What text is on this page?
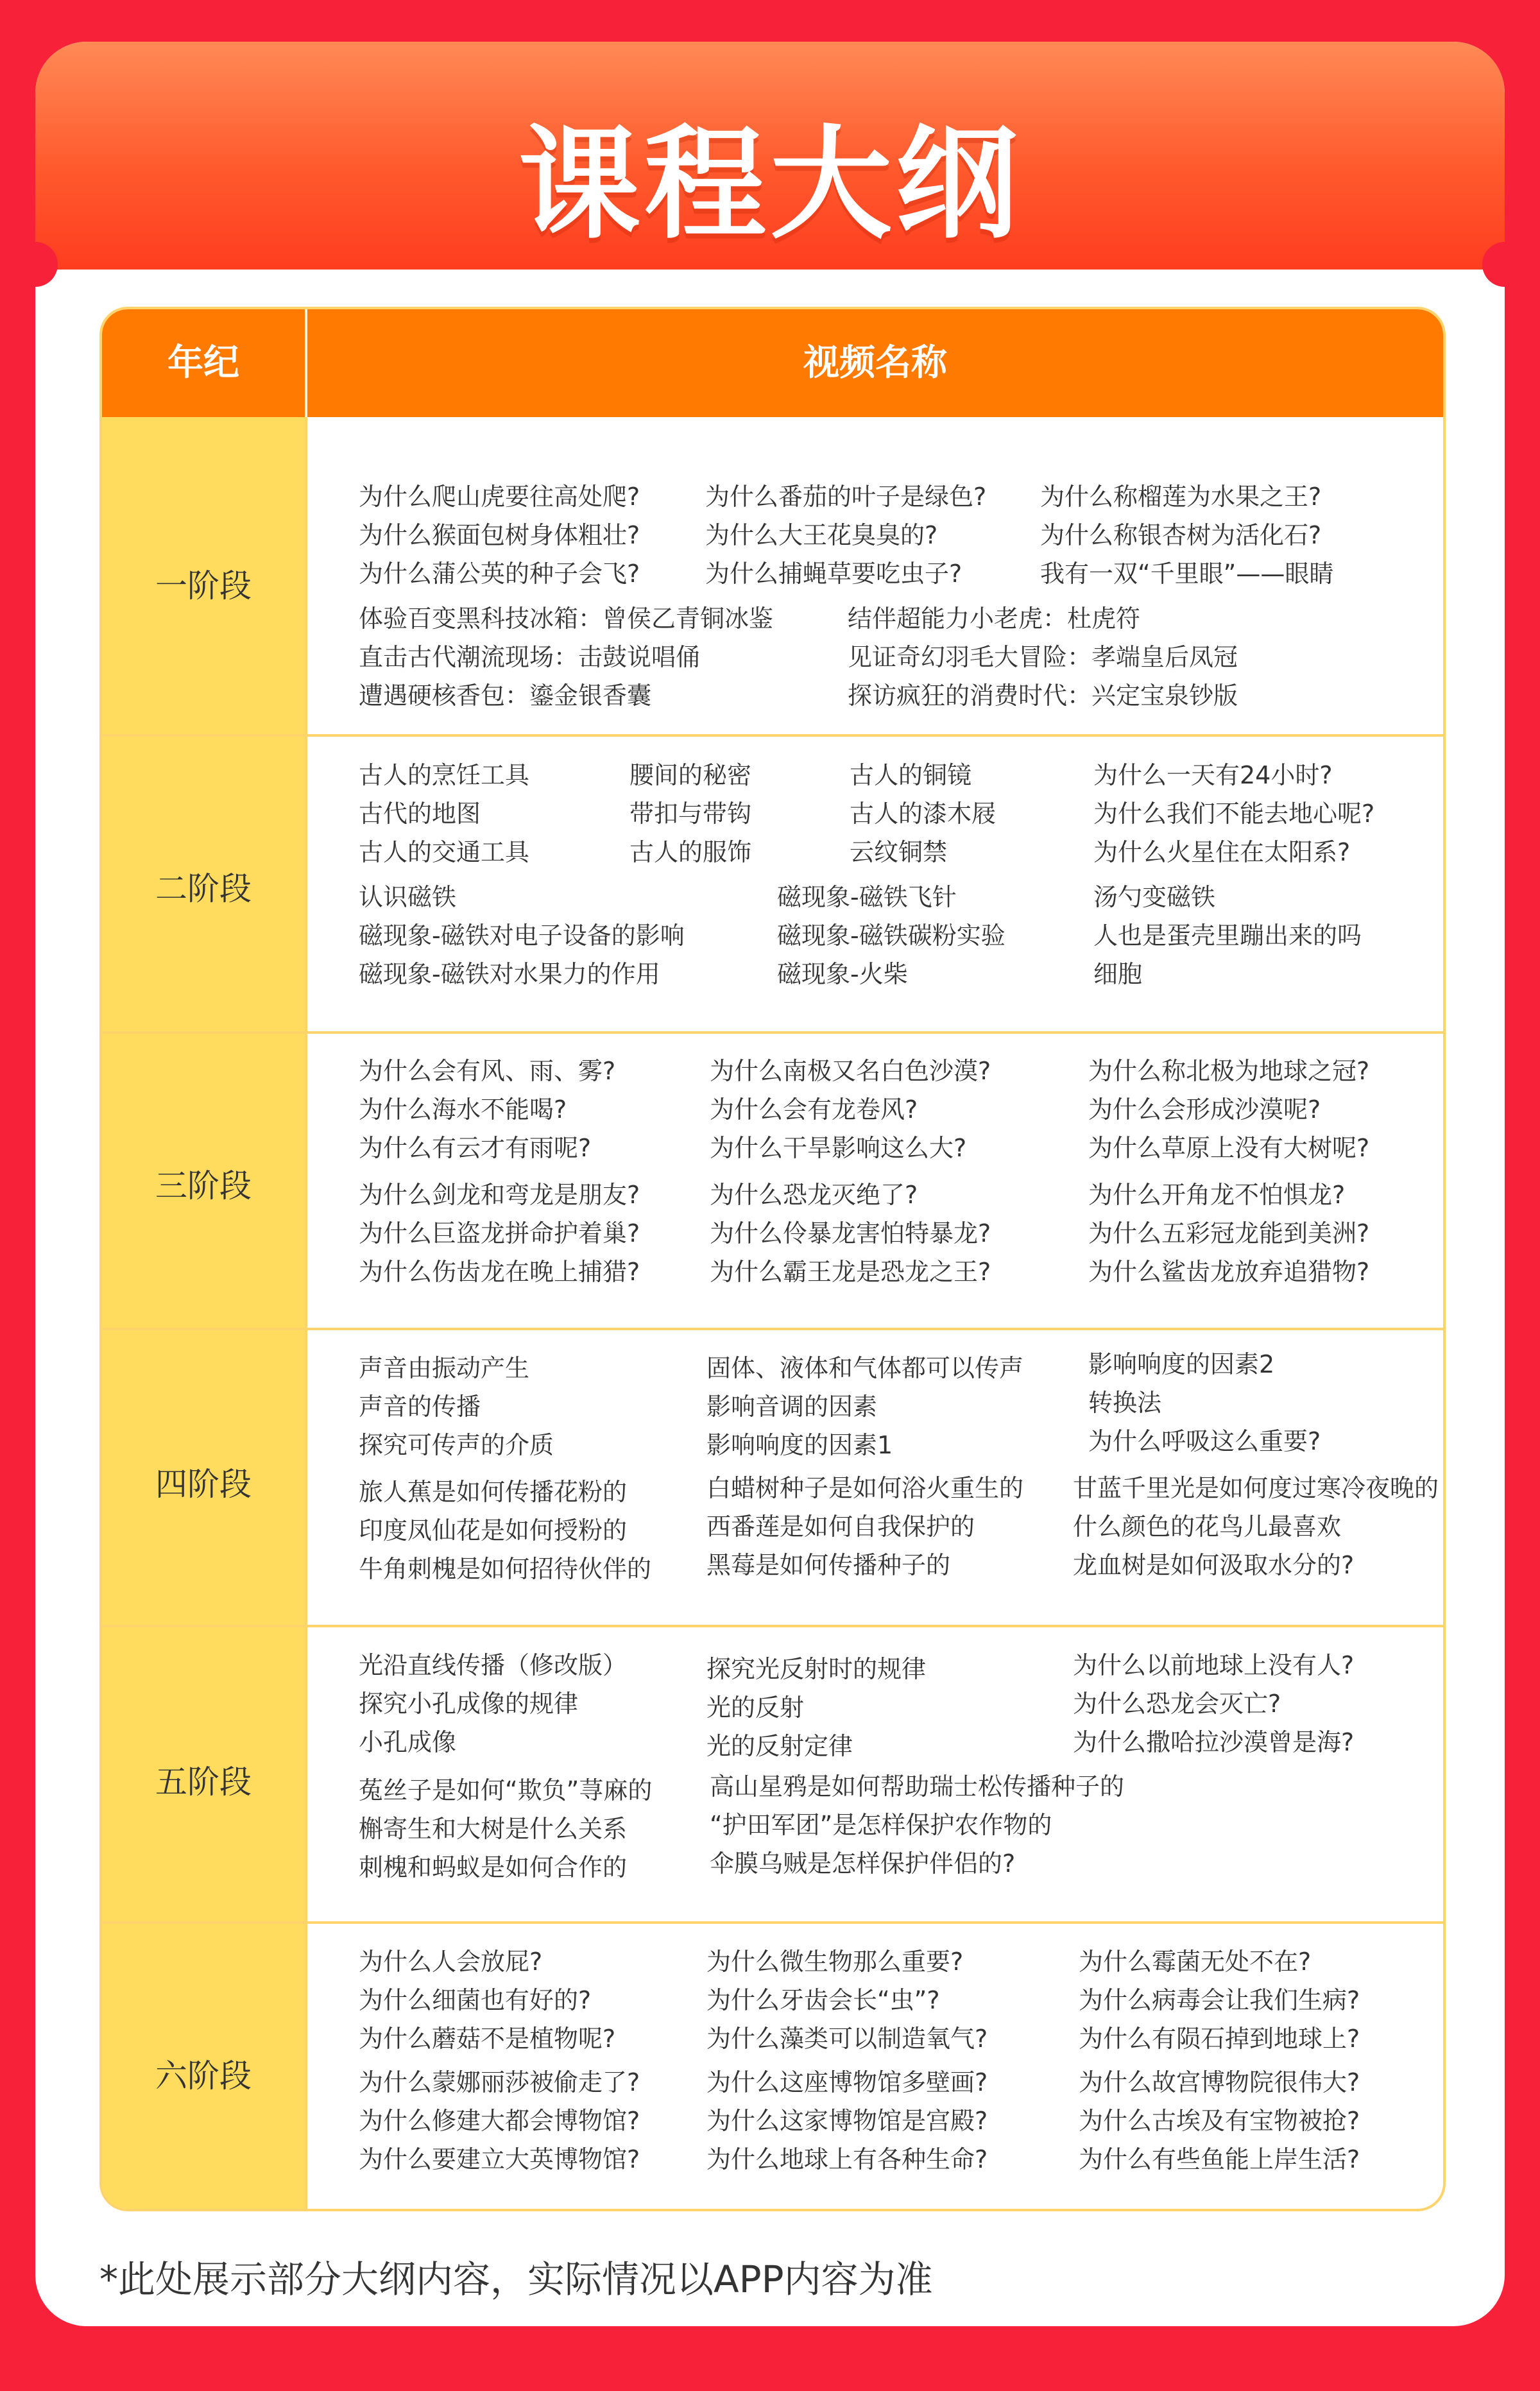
课程大纲
年纪	视频名称
一阶段
二阶段
三阶段
四阶段
五阶段
六阶段
为什么爬山虎要往高处爬?
为什么猴面包树身体粗壮?
为什么蒲公英的种子会飞?
为什么番茄的叶子是绿色?
为什么大王花臭臭的?
为什么捕蝇草要吃虫子?
为什么称榴莲为水果之王?
为什么称银杏树为活化石?
我有一双“千里眼”——眼睛
体验百变黑科技冰箱：曾侯乙青铜冰鉴
直击古代潮流现场：击鼓说唱俑
遭遇硬核香包：鎏金银香囊
结伴超能力小老虎：杜虎符
见证奇幻羽毛大冒险：孝端皇后凤冠
探访疯狂的消费时代：兴定宝泉钞版
古人的烹饪工具
古代的地图
古人的交通工具
腰间的秘密
带扣与带钩
古人的服饰
古人的铜镜
古人的漆木屐
云纹铜禁
为什么一天有24小时?
为什么我们不能去地心呢?
为什么火星住在太阳系?
认识磁铁
磁现象-磁铁对电子设备的影响
磁现象-磁铁对水果力的作用
磁现象-磁铁飞针
磁现象-磁铁碳粉实验
磁现象-火柴
汤勺变磁铁
人也是蛋壳里蹦出来的吗
细胞
为什么会有风、雨、雾?
为什么海水不能喝?
为什么有云才有雨呢?
为什么南极又名白色沙漠?
为什么会有龙卷风?
为什么干旱影响这么大?
为什么称北极为地球之冠?
为什么会形成沙漠呢?
为什么草原上没有大树呢?
为什么剑龙和弯龙是朋友?
为什么巨盗龙拼命护着巢?
为什么伤齿龙在晚上捕猎?
为什么恐龙灭绝了?
为什么伶暴龙害怕特暴龙?
为什么霸王龙是恐龙之王?
为什么开角龙不怕惧龙?
为什么五彩冠龙能到美洲?
为什么鲨齿龙放弃追猎物?
声音由振动产生
声音的传播
探究可传声的介质
固体、液体和气体都可以传声
影响音调的因素
影响响度的因素1
影响响度的因素2
转换法
为什么呼吸这么重要?
旅人蕉是如何传播花粉的
印度凤仙花是如何授粉的
牛角刺槐是如何招待伙伴的
白蜡树种子是如何浴火重生的
西番莲是如何自我保护的
黑莓是如何传播种子的
甘蓝千里光是如何度过寒冷夜晚的
什么颜色的花鸟儿最喜欢
龙血树是如何汲取水分的?
光沿直线传播（修改版）
探究小孔成像的规律
小孔成像
探究光反射时的规律
光的反射
光的反射定律
为什么以前地球上没有人?
为什么恐龙会灭亡?
为什么撒哈拉沙漠曾是海?
菟丝子是如何“欺负”荨麻的
槲寄生和大树是什么关系
刺槐和蚂蚁是如何合作的
高山星鸦是如何帮助瑞士松传播种子的
“护田军团”是怎样保护农作物的
伞膜乌贼是怎样保护伴侣的?
为什么人会放屁?
为什么细菌也有好的?
为什么蘑菇不是植物呢?
为什么微生物那么重要?
为什么牙齿会长“虫”?
为什么藻类可以制造氧气?
为什么霉菌无处不在?
为什么病毒会让我们生病?
为什么有陨石掉到地球上?
为什么蒙娜丽莎被偷走了?
为什么修建大都会博物馆?
为什么要建立大英博物馆?
为什么这座博物馆多壁画?
为什么这家博物馆是宫殿?
为什么地球上有各种生命?
为什么故宫博物院很伟大?
为什么古埃及有宝物被抢?
为什么有些鱼能上岸生活?
*此处展示部分大纲内容，实际情况以APP内容为准
